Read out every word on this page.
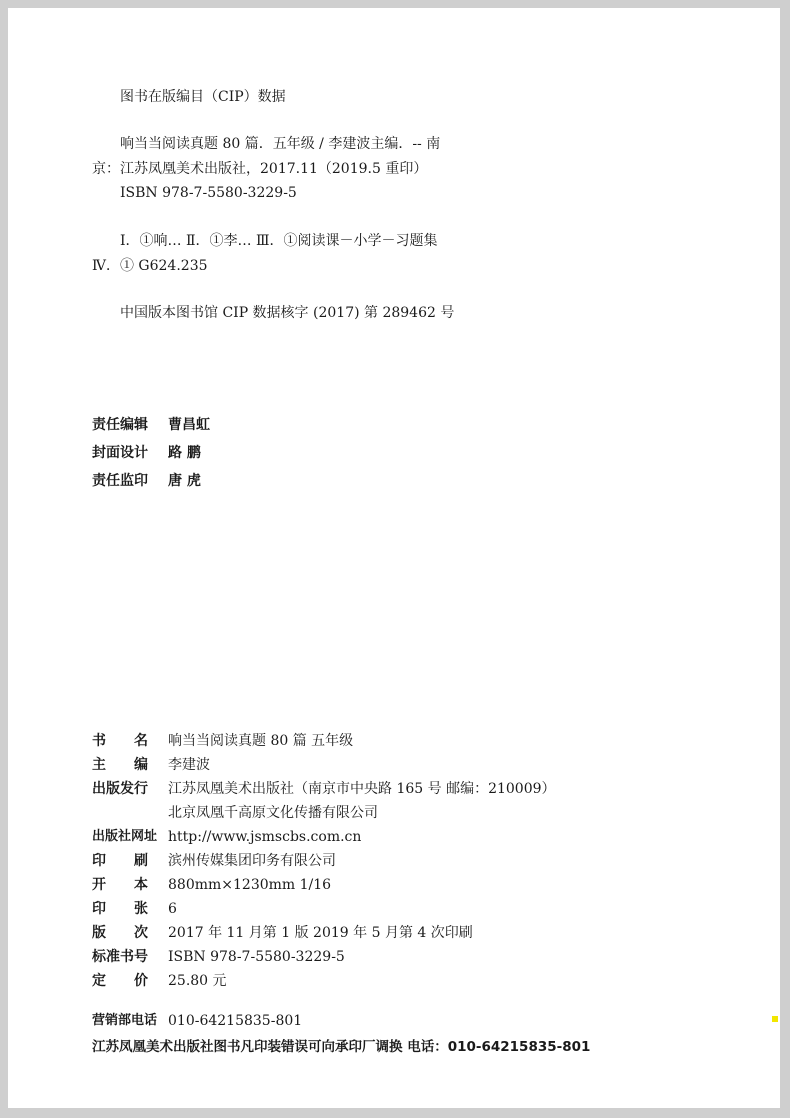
图书在版编目（CIP）数据
响当当阅读真题 80 篇．五年级 / 李建波主编．-- 南
京：江苏凤凰美术出版社，2017.11（2019.5 重印）
ISBN 978-7-5580-3229-5
Ⅰ．①响… Ⅱ．①李… Ⅲ．①阅读课－小学－习题集
Ⅳ．① G624.235
中国版本图书馆 CIP 数据核字 (2017) 第 289462 号
责任编辑 曹昌虹
封面设计 路 鹏
责任监印 唐 虎
书 名 响当当阅读真题 80 篇 五年级
主 编 李建波
出版发行 江苏凤凰美术出版社（南京市中央路 165 号 邮编：210009）
北京凤凰千高原文化传播有限公司
出版社网址 http://www.jsmscbs.com.cn
印 刷 滨州传媒集团印务有限公司
开 本 880mm×1230mm 1/16
印 张 6
版 次 2017 年 11 月第 1 版 2019 年 5 月第 4 次印刷
标准书号 ISBN 978-7-5580-3229-5
定 价 25.80 元
营销部电话 010-64215835-801
江苏凤凰美术出版社图书凡印装错误可向承印厂调换 电话：010-64215835-801
